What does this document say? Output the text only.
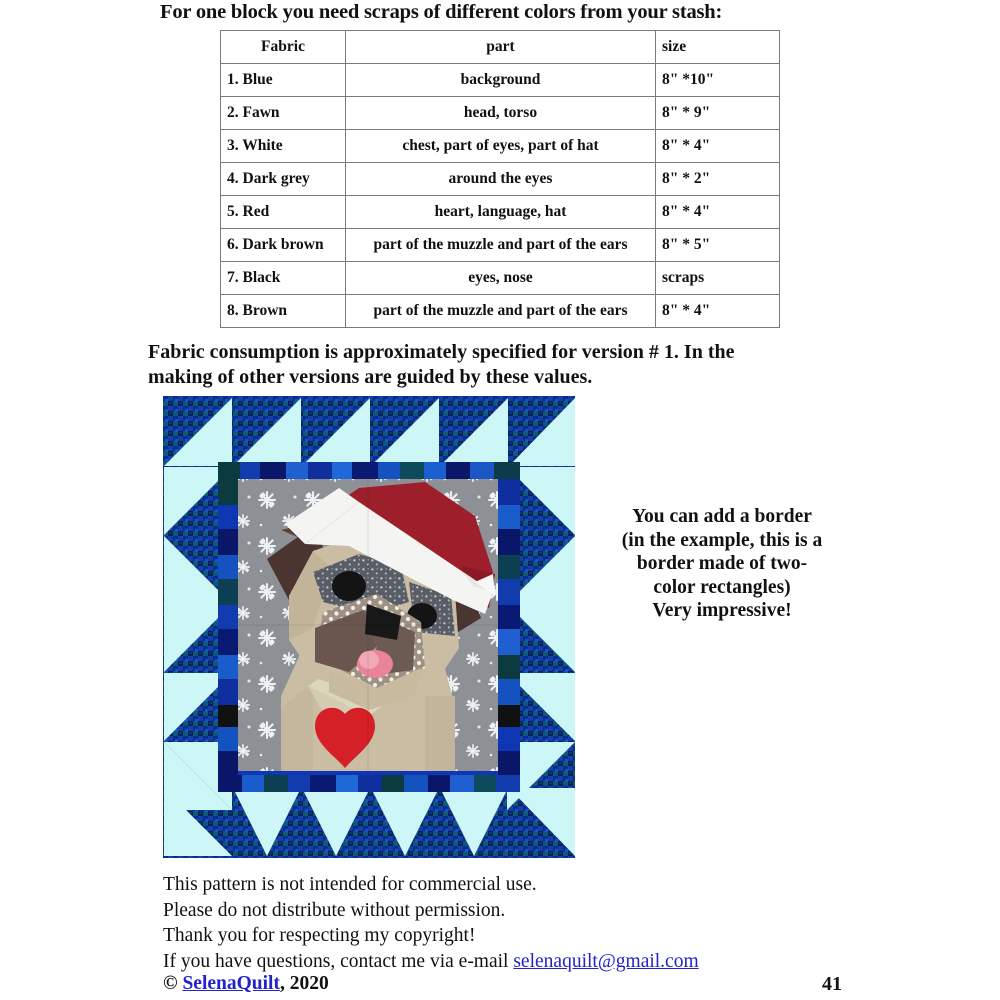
For one block you need scraps of different colors from your stash:
Fabric	part	size
1. Blue	background	8" *10"
2. Fawn	head, torso	8" * 9"
3. White	chest, part of eyes, part of hat	8" * 4"
4. Dark grey	around the eyes	8" * 2"
5. Red	heart, language, hat	8" * 4"
6. Dark brown	part of the muzzle and part of the ears	8" * 5"
7. Black	eyes, nose	scraps
8. Brown	part of the muzzle and part of the ears	8" * 4"
Fabric consumption is approximately specified for version # 1. In the making of other versions are guided by these values.
You can add a border
(in the example, this is a
border made of two-
color rectangles)
Very impressive!
This pattern is not intended for commercial use.
Please do not distribute without permission.
Thank you for respecting my copyright!
If you have questions, contact me via e-mail selenaquilt@gmail.com
© SelenaQuilt, 2020	41
